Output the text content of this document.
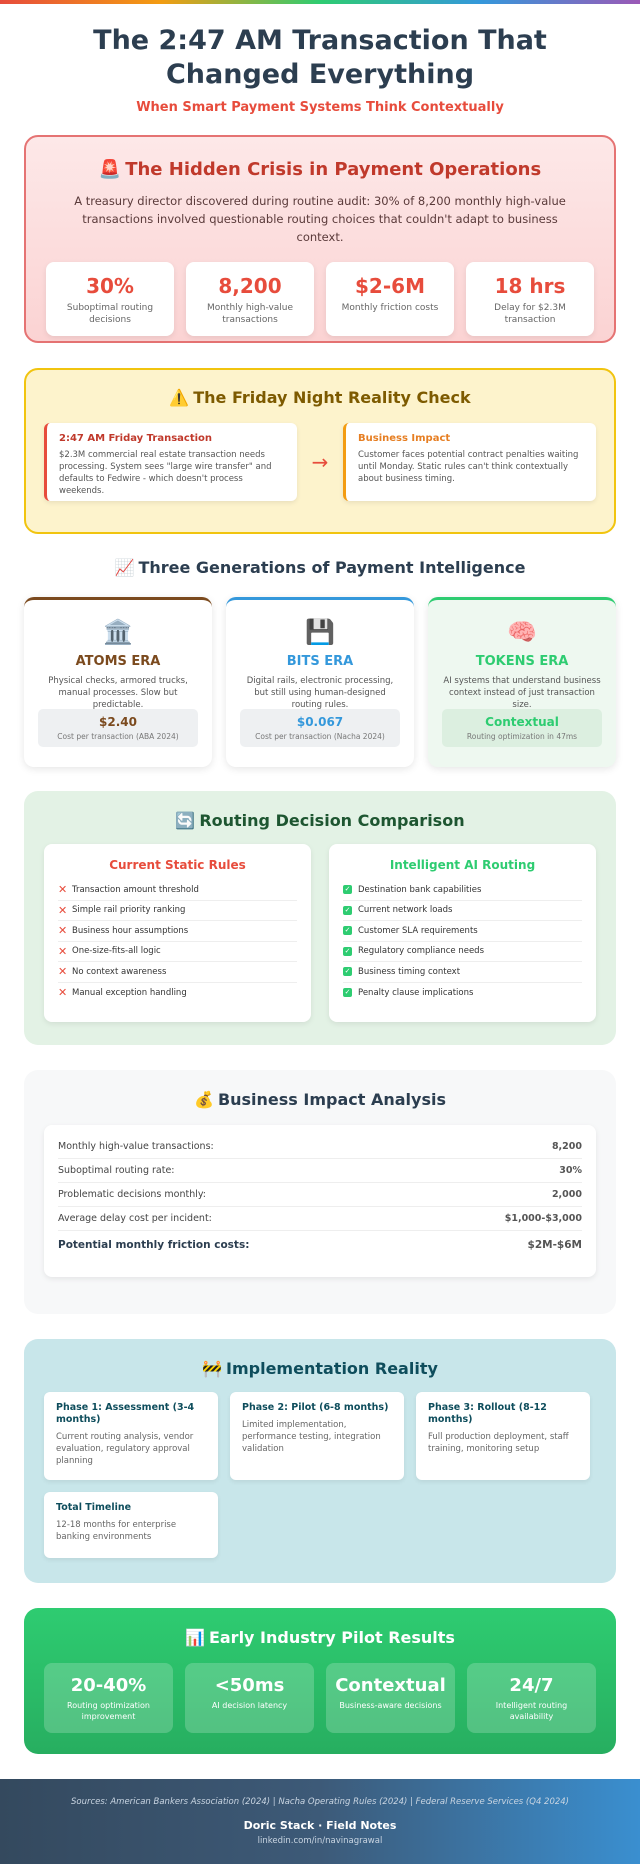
The 2:47 AM Transaction That Changed Everything
When Smart Payment Systems Think Contextually
🚨 The Hidden Crisis in Payment Operations

A treasury director discovered during routine audit: 30% of 8,200 monthly high-value transactions involved questionable routing choices that couldn't adapt to business context.

30%
Suboptimal routing decisions
8,200
Monthly high-value transactions
$2-6M
Monthly friction costs
18 hrs
Delay for $2.3M transaction
⚠️ The Friday Night Reality Check
2:47 AM Friday Transaction

$2.3M commercial real estate transaction needs processing. System sees "large wire transfer" and defaults to Fedwire - which doesn't process weekends.

→
Business Impact

Customer faces potential contract penalties waiting until Monday. Static rules can't think contextually about business timing.

📈 Three Generations of Payment Intelligence
🏛️
ATOMS ERA
Physical checks, armored trucks, manual processes. Slow but predictable.
$2.40
Cost per transaction (ABA 2024)
💾
BITS ERA
Digital rails, electronic processing, but still using human-designed routing rules.
$0.067
Cost per transaction (Nacha 2024)
🧠
TOKENS ERA
AI systems that understand business context instead of just transaction size.
Contextual
Routing optimization in 47ms
🔄 Routing Decision Comparison
Current Static Rules
✕ Transaction amount threshold
✕ Simple rail priority ranking
✕ Business hour assumptions
✕ One-size-fits-all logic
✕ No context awareness
✕ Manual exception handling
Intelligent AI Routing
✓ Destination bank capabilities
✓ Current network loads
✓ Customer SLA requirements
✓ Regulatory compliance needs
✓ Business timing context
✓ Penalty clause implications
💰 Business Impact Analysis
Monthly high-value transactions:	8,200
Suboptimal routing rate:	30%
Problematic decisions monthly:	2,000
Average delay cost per incident:	$1,000-$3,000
Potential monthly friction costs:	$2M-$6M
🚧 Implementation Reality
Phase 1: Assessment (3-4 months)

Current routing analysis, vendor evaluation, regulatory approval planning

Phase 2: Pilot (6-8 months)

Limited implementation, performance testing, integration validation

Phase 3: Rollout (8-12 months)

Full production deployment, staff training, monitoring setup

Total Timeline

12-18 months for enterprise banking environments

📊 Early Industry Pilot Results
20-40%
Routing optimization improvement
<50ms
AI decision latency
Contextual
Business-aware decisions
24/7
Intelligent routing availability
Sources: American Bankers Association (2024) | Nacha Operating Rules (2024) | Federal Reserve Services (Q4 2024)
Doric Stack · Field Notes
linkedin.com/in/navinagrawal
